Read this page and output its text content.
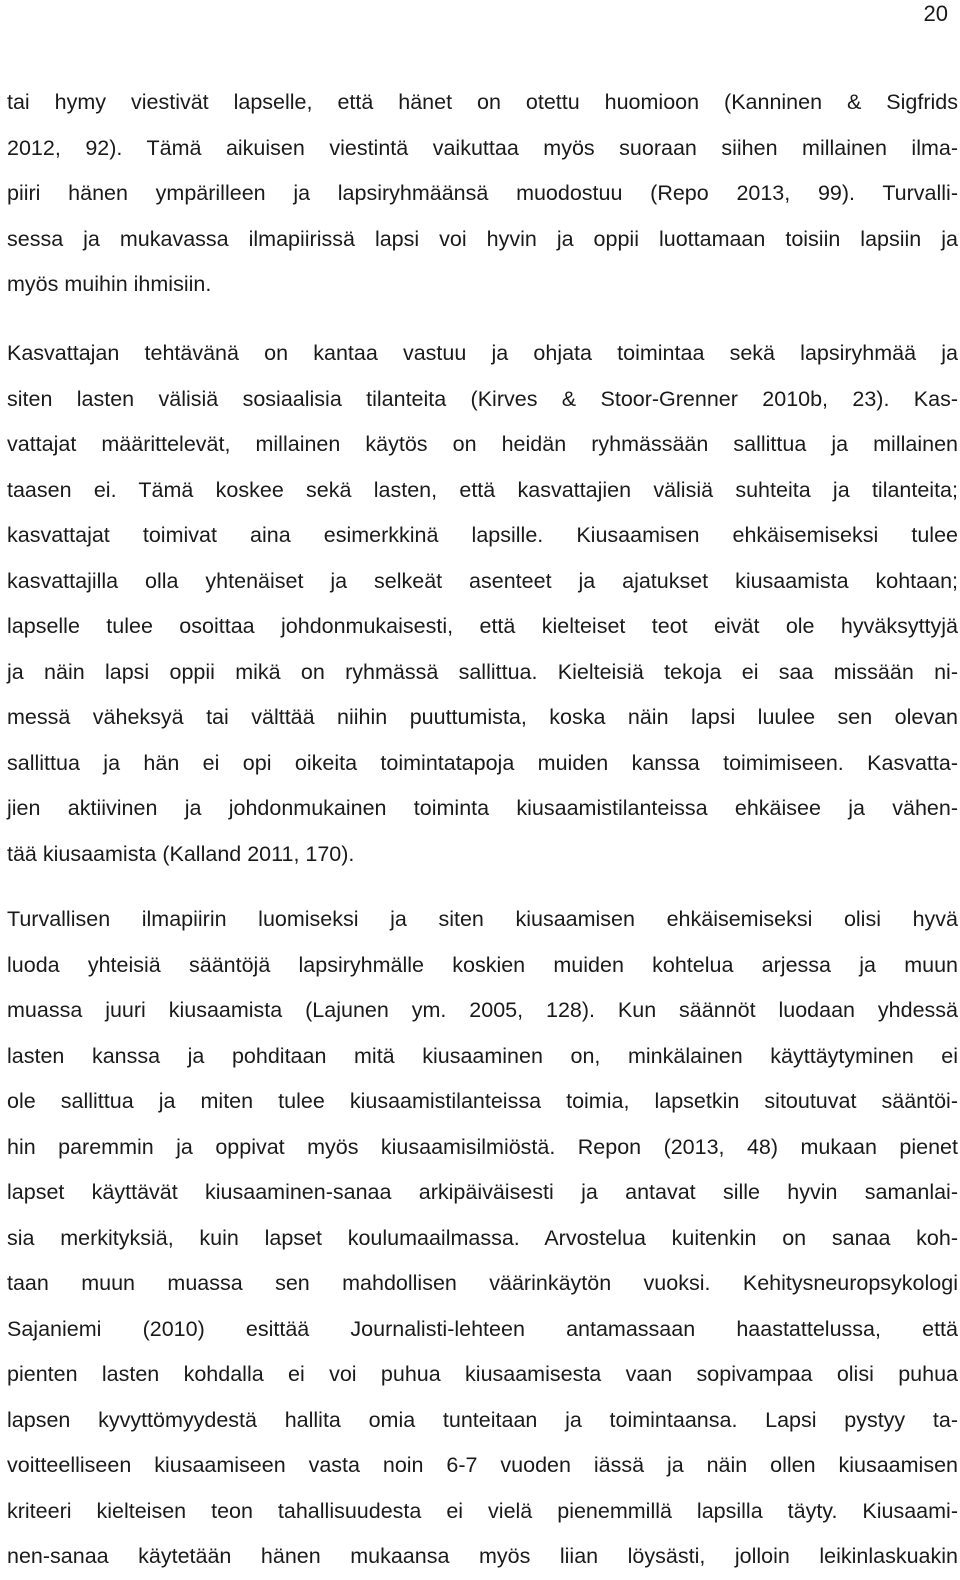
20
tai hymy viestivät lapselle, että hänet on otettu huomioon (Kanninen & Sigfrids
2012, 92). Tämä aikuisen viestintä vaikuttaa myös suoraan siihen millainen ilma-
piiri hänen ympärilleen ja lapsiryhmäänsä muodostuu (Repo 2013, 99). Turvalli-
sessa ja mukavassa ilmapiirissä lapsi voi hyvin ja oppii luottamaan toisiin lapsiin ja
myös muihin ihmisiin.
Kasvattajan tehtävänä on kantaa vastuu ja ohjata toimintaa sekä lapsiryhmää ja
siten lasten välisiä sosiaalisia tilanteita (Kirves & Stoor-Grenner 2010b, 23). Kas-
vattajat määrittelevät, millainen käytös on heidän ryhmässään sallittua ja millainen
taasen ei. Tämä koskee sekä lasten, että kasvattajien välisiä suhteita ja tilanteita;
kasvattajat toimivat aina esimerkkinä lapsille. Kiusaamisen ehkäisemiseksi tulee
kasvattajilla olla yhtenäiset ja selkeät asenteet ja ajatukset kiusaamista kohtaan;
lapselle tulee osoittaa johdonmukaisesti, että kielteiset teot eivät ole hyväksyttyjä
ja näin lapsi oppii mikä on ryhmässä sallittua. Kielteisiä tekoja ei saa missään ni-
messä väheksyä tai välttää niihin puuttumista, koska näin lapsi luulee sen olevan
sallittua ja hän ei opi oikeita toimintatapoja muiden kanssa toimimiseen. Kasvatta-
jien aktiivinen ja johdonmukainen toiminta kiusaamistilanteissa ehkäisee ja vähen-
tää kiusaamista (Kalland 2011, 170).
Turvallisen ilmapiirin luomiseksi ja siten kiusaamisen ehkäisemiseksi olisi hyvä
luoda yhteisiä sääntöjä lapsiryhmälle koskien muiden kohtelua arjessa ja muun
muassa juuri kiusaamista (Lajunen ym. 2005, 128). Kun säännöt luodaan yhdessä
lasten kanssa ja pohditaan mitä kiusaaminen on, minkälainen käyttäytyminen ei
ole sallittua ja miten tulee kiusaamistilanteissa toimia, lapsetkin sitoutuvat sääntöi-
hin paremmin ja oppivat myös kiusaamisilmiöstä. Repon (2013, 48) mukaan pienet
lapset käyttävät kiusaaminen-sanaa arkipäiväisesti ja antavat sille hyvin samanlai-
sia merkityksiä, kuin lapset koulumaailmassa. Arvostelua kuitenkin on sanaa koh-
taan muun muassa sen mahdollisen väärinkäytön vuoksi. Kehitysneuropsykologi
Sajaniemi (2010) esittää Journalisti-lehteen antamassaan haastattelussa, että
pienten lasten kohdalla ei voi puhua kiusaamisesta vaan sopivampaa olisi puhua
lapsen kyvyttömyydestä hallita omia tunteitaan ja toimintaansa. Lapsi pystyy ta-
voitteelliseen kiusaamiseen vasta noin 6-7 vuoden iässä ja näin ollen kiusaamisen
kriteeri kielteisen teon tahallisuudesta ei vielä pienemmillä lapsilla täyty. Kiusaami-
nen-sanaa käytetään hänen mukaansa myös liian löysästi, jolloin leikinlaskuakin
